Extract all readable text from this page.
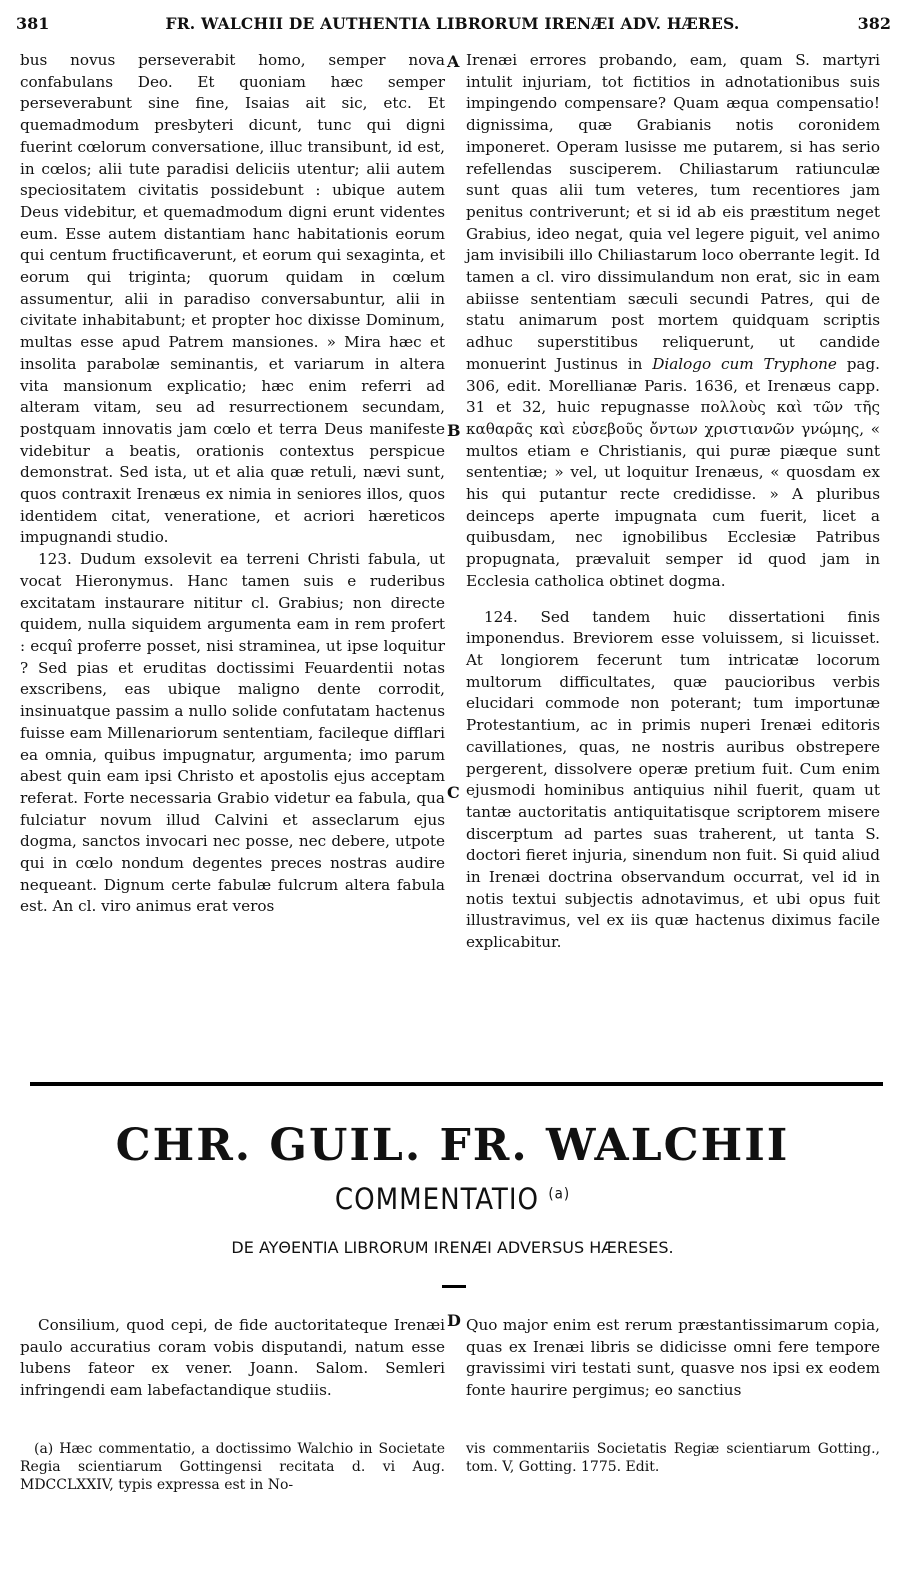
381	FR. WALCHII DE AUTHENTIA LIBRORUM IRENÆI ADV. HÆRES.	382

bus novus perseverabit homo, semper nova confabulans Deo. Et quoniam hæc semper perseverabunt sine fine, Isaias ait sic, etc. Et quemadmodum presbyteri dicunt, tunc qui digni fuerint cœlorum conversatione, illuc transibunt, id est, in cœlos; alii tute paradisi deliciis utentur; alii autem speciositatem civitatis possidebunt : ubique autem Deus videbitur, et quemadmodum digni erunt videntes eum. Esse autem distantiam hanc habitationis eorum qui centum fructificaverunt, et eorum qui sexaginta, et eorum qui triginta; quorum quidam in cœlum assumentur, alii in paradiso conversabuntur, alii in civitate inhabitabunt; et propter hoc dixisse Dominum, multas esse apud Patrem mansiones. » Mira hæc et insolita parabolæ seminantis, et variarum in altera vita mansionum explicatio; hæc enim referri ad alteram vitam, seu ad resurrectionem secundam, postquam innovatis jam cœlo et terra Deus manifeste videbitur a beatis, orationis contextus perspicue demonstrat. Sed ista, ut et alia quæ retuli, nævi sunt, quos contraxit Irenæus ex nimia in seniores illos, quos identidem citat, veneratione, et acriori hæreticos impugnandi studio.

123. Dudum exsolevit ea terreni Christi fabula, ut vocat Hieronymus. Hanc tamen suis e ruderibus excitatam instaurare nititur cl. Grabius; non directe quidem, nulla siquidem argumenta eam in rem profert : ecquî proferre posset, nisi straminea, ut ipse loquitur ? Sed pias et eruditas doctissimi Feuardentii notas exscribens, eas ubique maligno dente corrodit, insinuatque passim a nullo solide confutatam hactenus fuisse eam Millenariorum sententiam, facileque difflari ea omnia, quibus impugnatur, argumenta; imo parum abest quin eam ipsi Christo et apostolis ejus acceptam referat. Forte necessaria Grabio videtur ea fabula, qua fulciatur novum illud Calvini et asseclarum ejus dogma, sanctos invocari nec posse, nec debere, utpote qui in cœlo nondum degentes preces nostras audire nequeant. Dignum certe fabulæ fulcrum altera fabula est. An cl. viro animus erat veros

A
B
C
D

Irenæi errores probando, eam, quam S. martyri intulit injuriam, tot fictitios in adnotationibus suis impingendo compensare? Quam æqua compensatio! dignissima, quæ Grabianis notis coronidem imponeret. Operam lusisse me putarem, si has serio refellendas susciperem. Chiliastarum ratiunculæ sunt quas alii tum veteres, tum recentiores jam penitus contriverunt; et si id ab eis præstitum neget Grabius, ideo negat, quia vel legere piguit, vel animo jam invisibili illo Chiliastarum loco oberrante legit. Id tamen a cl. viro dissimulandum non erat, sic in eam abiisse sententiam sæculi secundi Patres, qui de statu animarum post mortem quidquam scriptis adhuc superstitibus reliquerunt, ut candide monuerint Justinus in Dialogo cum Tryphone pag. 306, edit. Morellianæ Paris. 1636, et Irenæus capp. 31 et 32, huic repugnasse πολλοὺς καὶ τῶν τῆς καθαρᾶς καὶ εὐσεβοῦς ὄντων χριστιανῶν γνώμης, « multos etiam e Christianis, qui puræ piæque sunt sententiæ; » vel, ut loquitur Irenæus, « quosdam ex his qui putantur recte credidisse. » A pluribus deinceps aperte impugnata cum fuerit, licet a quibusdam, nec ignobilibus Ecclesiæ Patribus propugnata, prævaluit semper id quod jam in Ecclesia catholica obtinet dogma.

124. Sed tandem huic dissertationi finis imponendus. Breviorem esse voluissem, si licuisset. At longiorem fecerunt tum intricatæ locorum multorum difficultates, quæ paucioribus verbis elucidari commode non poterant; tum importunæ Protestantium, ac in primis nuperi Irenæi editoris cavillationes, quas, ne nostris auribus obstrepere pergerent, dissolvere operæ pretium fuit. Cum enim ejusmodi hominibus antiquius nihil fuerit, quam ut tantæ auctoritatis antiquitatisque scriptorem misere discerptum ad partes suas traherent, ut tanta S. doctori fieret injuria, sinendum non fuit. Si quid aliud in Irenæi doctrina observandum occurrat, vel id in notis textui subjectis adnotavimus, et ubi opus fuit illustravimus, vel ex iis quæ hactenus diximus facile explicabitur.

CHR. GUIL. FR. WALCHII
COMMENTATIO $^{(a)}$
DE AYΘENTIA LIBRORUM IRENÆI ADVERSUS HÆRESES.
Consilium, quod cepi, de fide auctoritateque Irenæi paulo accuratius coram vobis disputandi, natum esse lubens fateor ex vener. Joann. Salom. Semleri infringendi eam labefactandique studiis.
Quo major enim est rerum præstantissimarum copia, quas ex Irenæi libris se didicisse omni fere tempore gravissimi viri testati sunt, quasve nos ipsi ex eodem fonte haurire pergimus; eo sanctius
(a) Hæc commentatio, a doctissimo Walchio in Societate Regia scientiarum Gottingensi recitata d. vi Aug. MDCCLXXIV, typis expressa est in No-
vis commentariis Societatis Regiæ scientiarum Gotting., tom. V, Gotting. 1775. Edit.
